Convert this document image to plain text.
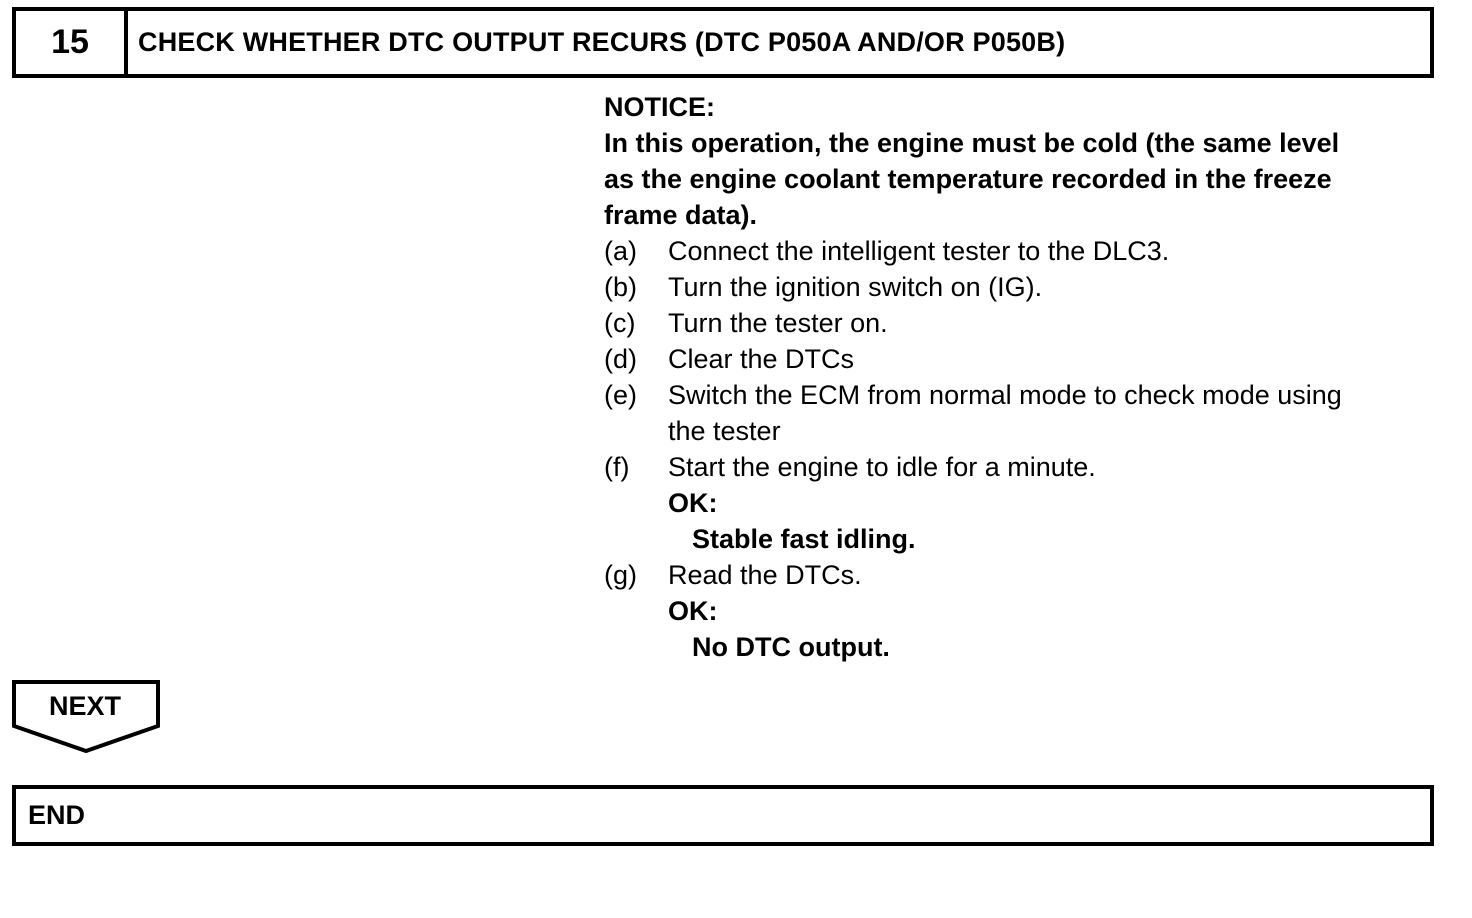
15	CHECK WHETHER DTC OUTPUT RECURS (DTC P050A AND/OR P050B)
NOTICE:
In this operation, the engine must be cold (the same level
as the engine coolant temperature recorded in the freeze
frame data).
(a)	Connect the intelligent tester to the DLC3.
(b)	Turn the ignition switch on (IG).
(c)	Turn the tester on.
(d)	Clear the DTCs
(e)	Switch the ECM from normal mode to check mode using
the tester
(f)	Start the engine to idle for a minute.
OK:
Stable fast idling.
(g)	Read the DTCs.
OK:
No DTC output.
NEXT
END
